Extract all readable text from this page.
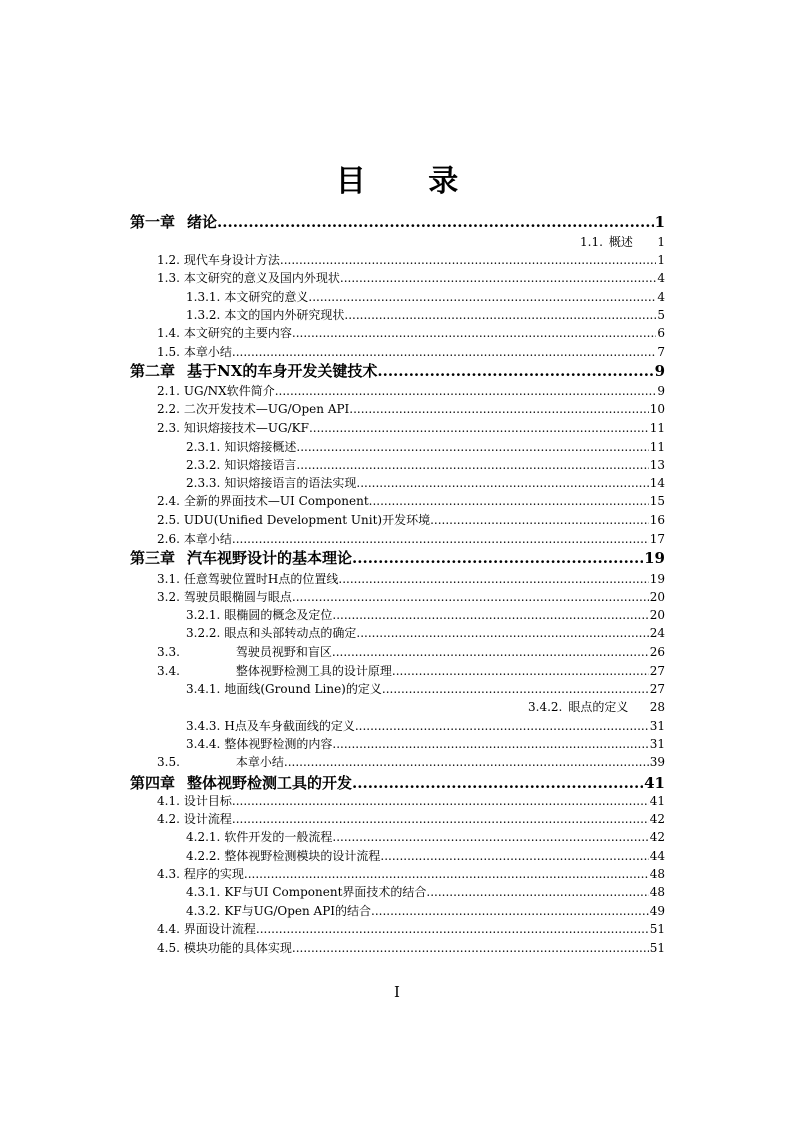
目 录
第一章 绪论 .....	1
1.1. 概述 1
1.2. 现代车身设计方法 .....	1
1.3. 本文研究的意义及国内外现状 .....	4
1.3.1. 本文研究的意义 .....	4
1.3.2. 本文的国内外研究现状 .....	5
1.4. 本文研究的主要内容 .....	6
1.5. 本章小结 .....	7
第二章 基于NX的车身开发关键技术 .....	9
2.1. UG/NX软件简介 .....	9
2.2. 二次开发技术—UG/Open API .....	10
2.3. 知识熔接技术—UG/KF .....	11
2.3.1. 知识熔接概述 .....	11
2.3.2. 知识熔接语言 .....	13
2.3.3. 知识熔接语言的语法实现 .....	14
2.4. 全新的界面技术—UI Component .....	15
2.5. UDU(Unified Development Unit)开发环境 .....	16
2.6. 本章小结 .....	17
第三章 汽车视野设计的基本理论 .....	19
3.1. 任意驾驶位置时H点的位置线 .....	19
3.2. 驾驶员眼椭圆与眼点 .....	20
3.2.1. 眼椭圆的概念及定位 .....	20
3.2.2. 眼点和头部转动点的确定 .....	24
3.3.	驾驶员视野和盲区 .....	26
3.4.	整体视野检测工具的设计原理 .....	27
3.4.1. 地面线(Ground Line)的定义 .....	27
3.4.2. 眼点的定义 28
3.4.3. H点及车身截面线的定义 .....	31
3.4.4. 整体视野检测的内容 .....	31
3.5.	本章小结 .....	39
第四章 整体视野检测工具的开发 .....	41
4.1. 设计目标 .....	41
4.2. 设计流程 .....	42
4.2.1. 软件开发的一般流程 .....	42
4.2.2. 整体视野检测模块的设计流程 .....	44
4.3. 程序的实现 .....	48
4.3.1. KF与UI Component界面技术的结合 .....	48
4.3.2. KF与UG/Open API的结合 .....	49
4.4. 界面设计流程 .....	51
4.5. 模块功能的具体实现 .....	51
I
